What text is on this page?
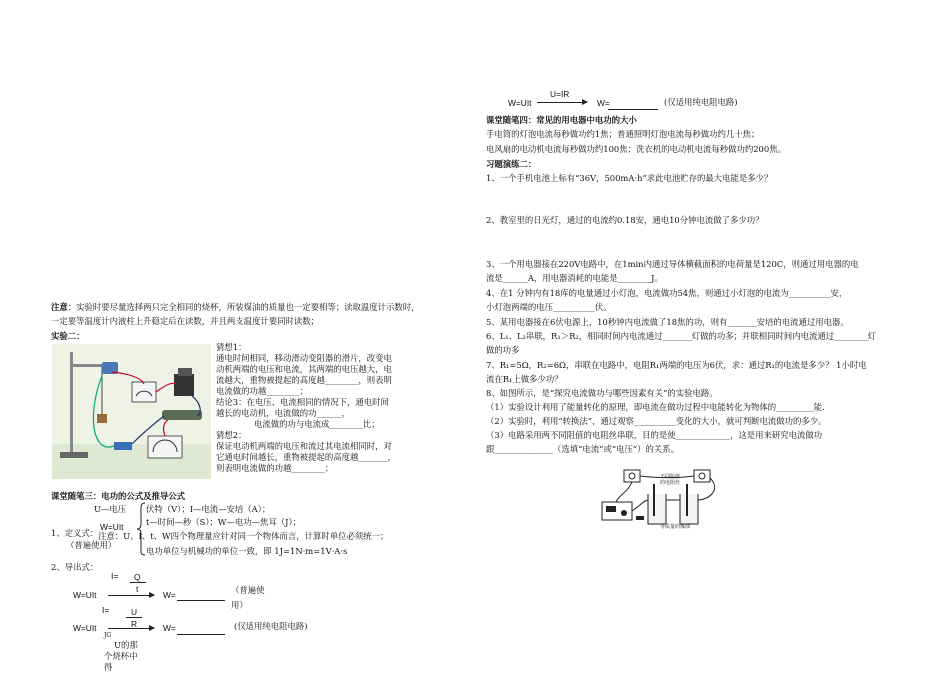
注意：实验时要尽量选择两只完全相同的烧杯，所装煤油的质量也一定要相等；读取温度计示数时，
一定要等温度计内液柱上升稳定后在读数，并且两支温度计要同时读数；
实验二：
猜想1：
通电时间相同，移动滑动变阻器的滑片，改变电
动机两端的电压和电流，其两端的电压越大，电
流越大，重物被提起的高度越________，则表明
电流做的功越________；
结论3：在电压、电流相同的情况下，通电时间
越长的电动机，电流做的功______，
电流做的功与电流成________比；
猜想2：
保证电动机两端的电压和流过其电流相同时，对
它通电时间越长，重物被提起的高度越_______，
则表明电流做的功越________；
课堂随笔三：电功的公式及推导公式
U—电压 伏特（V）；I—电流—安培（A）；
t—时间—秒（S）；W—电功—焦耳（J）；
W=UIt
1、定义式： 注意：U、I、t、W四个物理量应针对同一个物体而言，计算时单位必须统一；
（普遍使用）
电功单位与机械功的单位一致，即 1J=1N·m=1V·A·s
2、导出式：
I= Q
t
W=UIt	W=	（普遍使用）
I=	U
R
W=UIt	W=	(仅适用纯电阻电路)
JG
U的那
个烧杯中
得
U=IR
W=UIt	W=	(仅适用纯电阻电路)
课堂随笔四：常见的用电器中电功的大小
手电筒的灯泡电流每秒做功约1焦；普通照明灯泡电流每秒做功约几十焦；
电风扇的电动机电流每秒做功约100焦；洗衣机的电动机电流每秒做功约200焦。
习题演练二：
1、一个手机电池上标有“36V，500mA·h”求此电池贮存的最大电能是多少？
2、教室里的日光灯，通过的电流约0.18安，通电10分钟电流做了多少功？
3、一个用电器接在220V电路中，在1min内通过导体横截面积的电荷量是120C，则通过用电器的电
流是______A，用电器消耗的电能是________J。
4、在1 分钟内有18库的电量通过小灯泡，电流做功54焦，则通过小灯泡的电流为__________安，
小灯泡两端的电压__________伏。
5、某用电器接在6伏电源上，10秒钟内电流做了18焦的功，则有_______安培的电流通过用电器。
6、L₁、L₂串联，R₁＞R₂，相同时间内电流通过_______灯做的功多；并联相同时间内电流通过________灯
做的功多
7、R₁=5Ω，R₂=6Ω，串联在电路中，电阻R₁两端的电压为6伏，求：通过R₁的电流是多少？ 1小时电
流在R₁上做多少功？
8、如图所示，是“探究电流做功与哪些因素有关”的实验电路。
（1）实验设计利用了能量转化的原理，即电流在做功过程中电能转化为物体的_________能.
（2）实验时，利用“转换法”，通过观察__________变化的大小，就可判断电流做功的多少。
（3）电路采用两不同阻值的电阻丝串联，目的是使_____________，这是用来研究电流做功
跟______________（选填“电流”或“电压”）的关系。
不同阻值
的电阻丝
等质量的煤油
